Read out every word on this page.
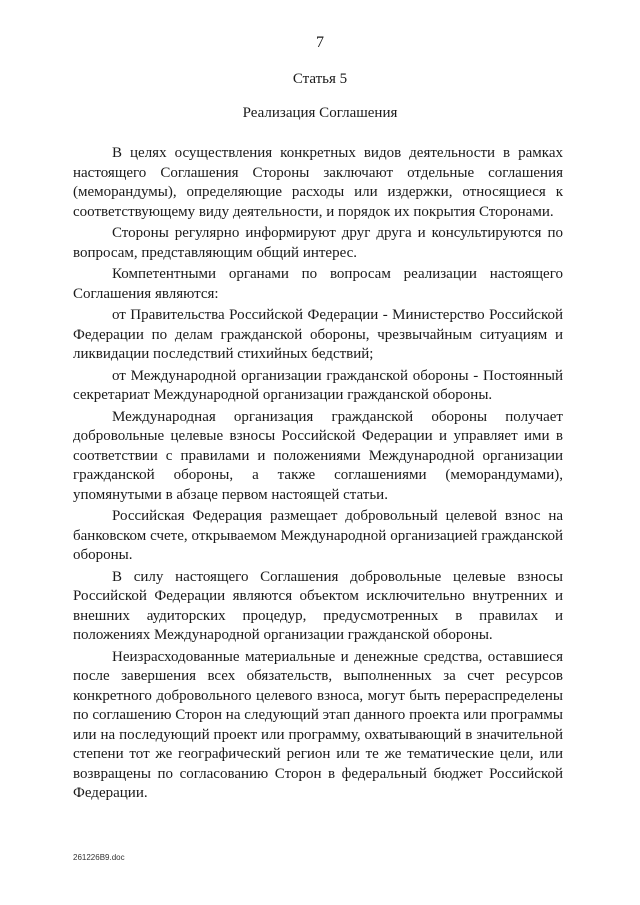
7
Статья 5
Реализация Соглашения

В целях осуществления конкретных видов деятельности в рамках настоящего Соглашения Стороны заключают отдельные соглашения (меморандумы), определяющие расходы или издержки, относящиеся к соответствующему виду деятельности, и порядок их покрытия Сторонами.

Стороны регулярно информируют друг друга и консультируются по вопросам, представляющим общий интерес.

Компетентными органами по вопросам реализации настоящего Соглашения являются:

от Правительства Российской Федерации - Министерство Российской Федерации по делам гражданской обороны, чрезвычайным ситуациям и ликвидации последствий стихийных бедствий;

от Международной организации гражданской обороны - Постоянный секретариат Международной организации гражданской обороны.

Международная организация гражданской обороны получает добровольные целевые взносы Российской Федерации и управляет ими в соответствии с правилами и положениями Международной организации гражданской обороны, а также соглашениями (меморандумами), упомянутыми в абзаце первом настоящей статьи.

Российская Федерация размещает добровольный целевой взнос на банковском счете, открываемом Международной организацией гражданской обороны.

В силу настоящего Соглашения добровольные целевые взносы Российской Федерации являются объектом исключительно внутренних и внешних аудиторских процедур, предусмотренных в правилах и положениях Международной организации гражданской обороны.

Неизрасходованные материальные и денежные средства, оставшиеся после завершения всех обязательств, выполненных за счет ресурсов конкретного добровольного целевого взноса, могут быть перераспределены по соглашению Сторон на следующий этап данного проекта или программы или на последующий проект или программу, охватывающий в значительной степени тот же географический регион или те же тематические цели, или возвращены по согласованию Сторон в федеральный бюджет Российской Федерации.

261226В9.doc
